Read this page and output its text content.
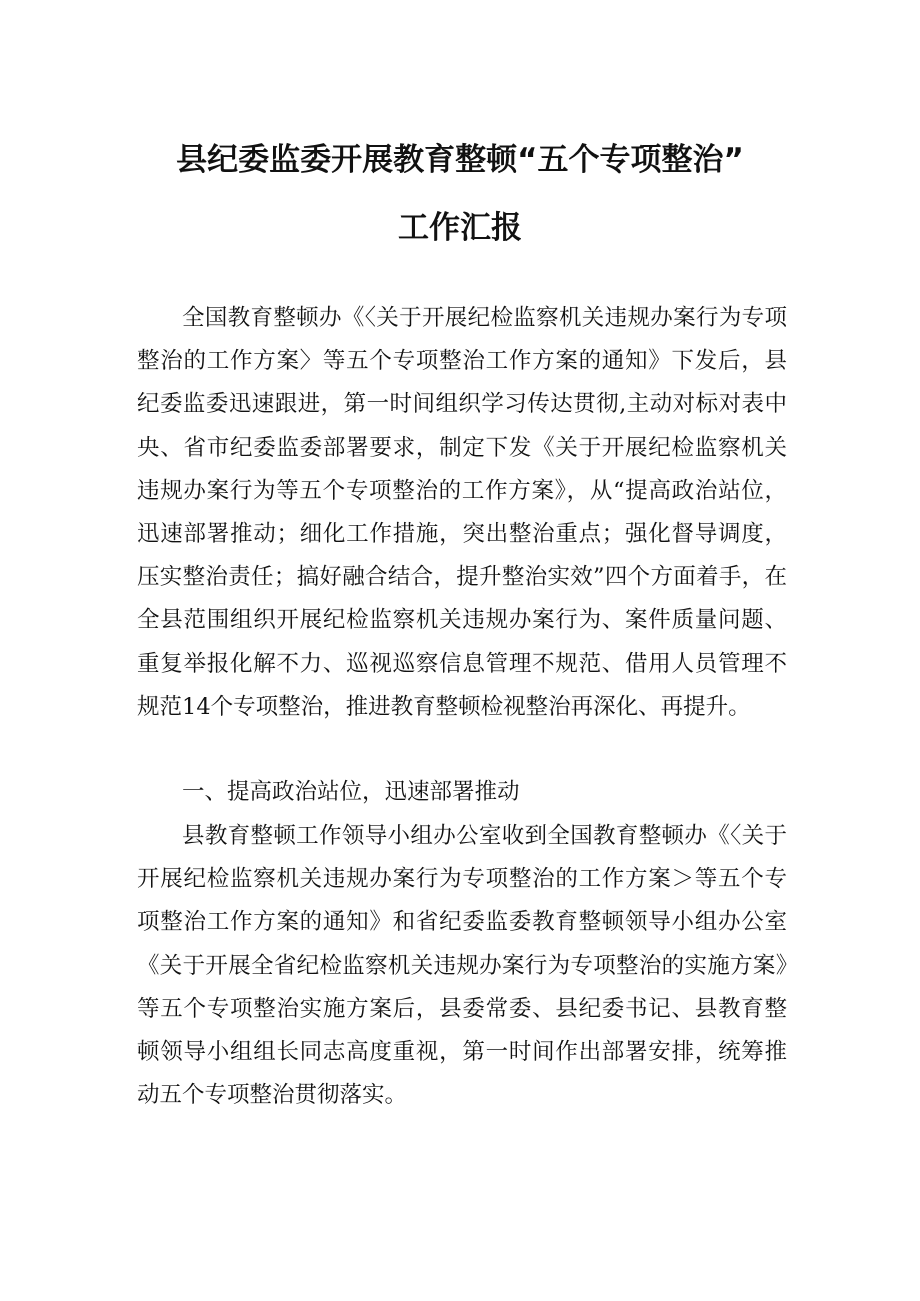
县纪委监委开展教育整顿“五个专项整治”
工作汇报

全国教育整顿办《〈关于开展纪检监察机关违规办案行为专项整治的工作方案〉等五个专项整治工作方案的通知》下发后，县纪委监委迅速跟进，第一时间组织学习传达贯彻,主动对标对表中央、省市纪委监委部署要求，制定下发《关于开展纪检监察机关违规办案行为等五个专项整治的工作方案》，从“提高政治站位，迅速部署推动；细化工作措施，突出整治重点；强化督导调度，压实整治责任；搞好融合结合，提升整治实效”四个方面着手，在全县范围组织开展纪检监察机关违规办案行为、案件质量问题、重复举报化解不力、巡视巡察信息管理不规范、借用人员管理不规范14个专项整治，推进教育整顿检视整治再深化、再提升。

一、提高政治站位，迅速部署推动

县教育整顿工作领导小组办公室收到全国教育整顿办《〈关于开展纪检监察机关违规办案行为专项整治的工作方案＞等五个专项整治工作方案的通知》和省纪委监委教育整顿领导小组办公室《关于开展全省纪检监察机关违规办案行为专项整治的实施方案》等五个专项整治实施方案后，县委常委、县纪委书记、县教育整顿领导小组组长同志高度重视，第一时间作出部署安排，统筹推动五个专项整治贯彻落实。
